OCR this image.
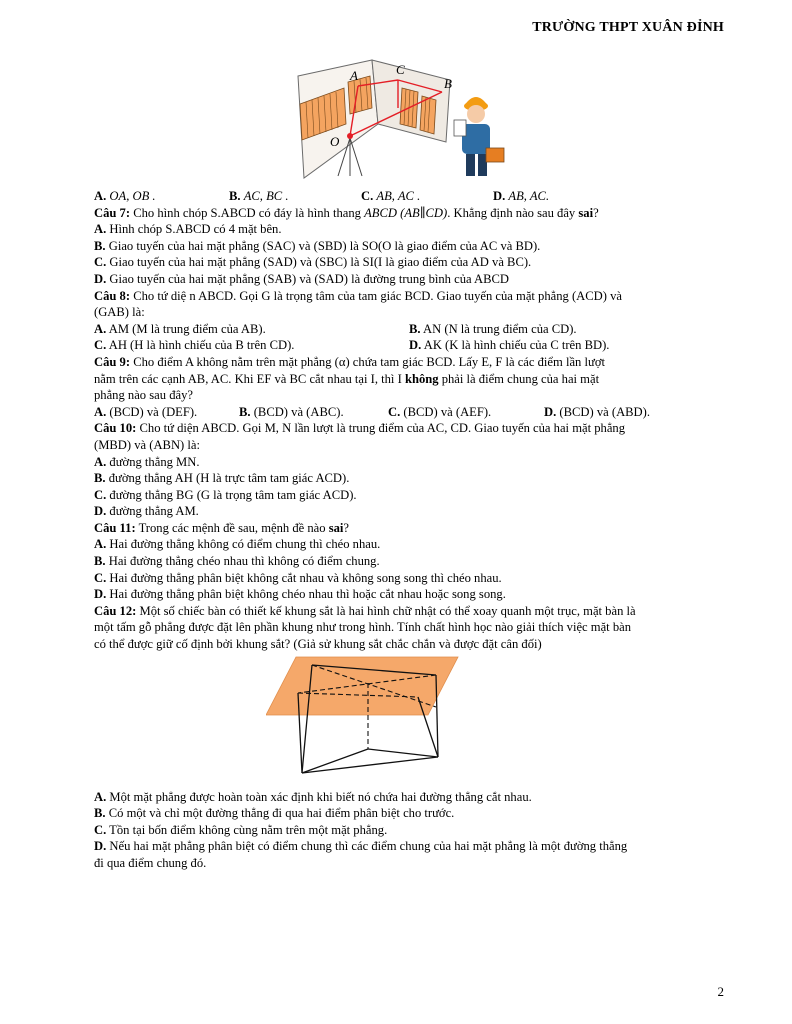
TRƯỜNG THPT XUÂN ĐỈNH
A	C
B
O
A. OA, OB .	B. AC, BC .	C. AB, AC .	D. AB, AC.
Câu 7: Cho hình chóp S.ABCD có đáy là hình thang ABCD (AB∥CD). Khẳng định nào sau đây sai?
A. Hình chóp S.ABCD có 4 mặt bên.
B. Giao tuyến của hai mặt phẳng (SAC) và (SBD) là SO(O là giao điểm của AC và BD).
C. Giao tuyến của hai mặt phẳng (SAD) và (SBC) là SI(I là giao điểm của AD và BC).
D. Giao tuyến của hai mặt phẳng (SAB) và (SAD) là đường trung bình của ABCD
Câu 8: Cho tứ diệ n ABCD. Gọi G là trọng tâm của tam giác BCD. Giao tuyến của mặt phẳng (ACD) và
(GAB) là:
A. AM (M là trung điểm của AB).	B. AN (N là trung điểm của CD).
C. AH (H là hình chiếu của B trên CD).	D. AK (K là hình chiếu của C trên BD).
Câu 9: Cho điểm A không nằm trên mặt phẳng (α) chứa tam giác BCD. Lấy E, F là các điểm lần lượt
nằm trên các cạnh AB, AC. Khi EF và BC cắt nhau tại I, thì I không phải là điểm chung của hai mặt
phẳng nào sau đây?
A. (BCD) và (DEF).	B. (BCD) và (ABC).	C. (BCD) và (AEF).	D. (BCD) và (ABD).
Câu 10: Cho tứ diện ABCD. Gọi M, N lần lượt là trung điểm của AC, CD. Giao tuyến của hai mặt phẳng
(MBD) và (ABN) là:
A. đường thẳng MN.
B. đường thẳng AH (H là trực tâm tam giác ACD).
C. đường thẳng BG (G là trọng tâm tam giác ACD).
D. đường thẳng AM.
Câu 11: Trong các mệnh đề sau, mệnh đề nào sai?
A. Hai đường thẳng không có điểm chung thì chéo nhau.
B. Hai đường thẳng chéo nhau thì không có điểm chung.
C. Hai đường thẳng phân biệt không cắt nhau và không song song thì chéo nhau.
D. Hai đường thẳng phân biệt không chéo nhau thì hoặc cắt nhau hoặc song song.
Câu 12: Một số chiếc bàn có thiết kế khung sắt là hai hình chữ nhật có thể xoay quanh một trục, mặt bàn là
một tấm gỗ phẳng được đặt lên phần khung như trong hình. Tính chất hình học nào giải thích việc mặt bàn
có thể được giữ cố định bởi khung sắt? (Giả sử khung sắt chắc chắn và được đặt cân đối)
A. Một mặt phẳng được hoàn toàn xác định khi biết nó chứa hai đường thẳng cắt nhau.
B. Có một và chỉ một đường thẳng đi qua hai điểm phân biệt cho trước.
C. Tồn tại bốn điểm không cùng nằm trên một mặt phẳng.
D. Nếu hai mặt phẳng phân biệt có điểm chung thì các điểm chung của hai mặt phẳng là một đường thẳng
đi qua điểm chung đó.
2
